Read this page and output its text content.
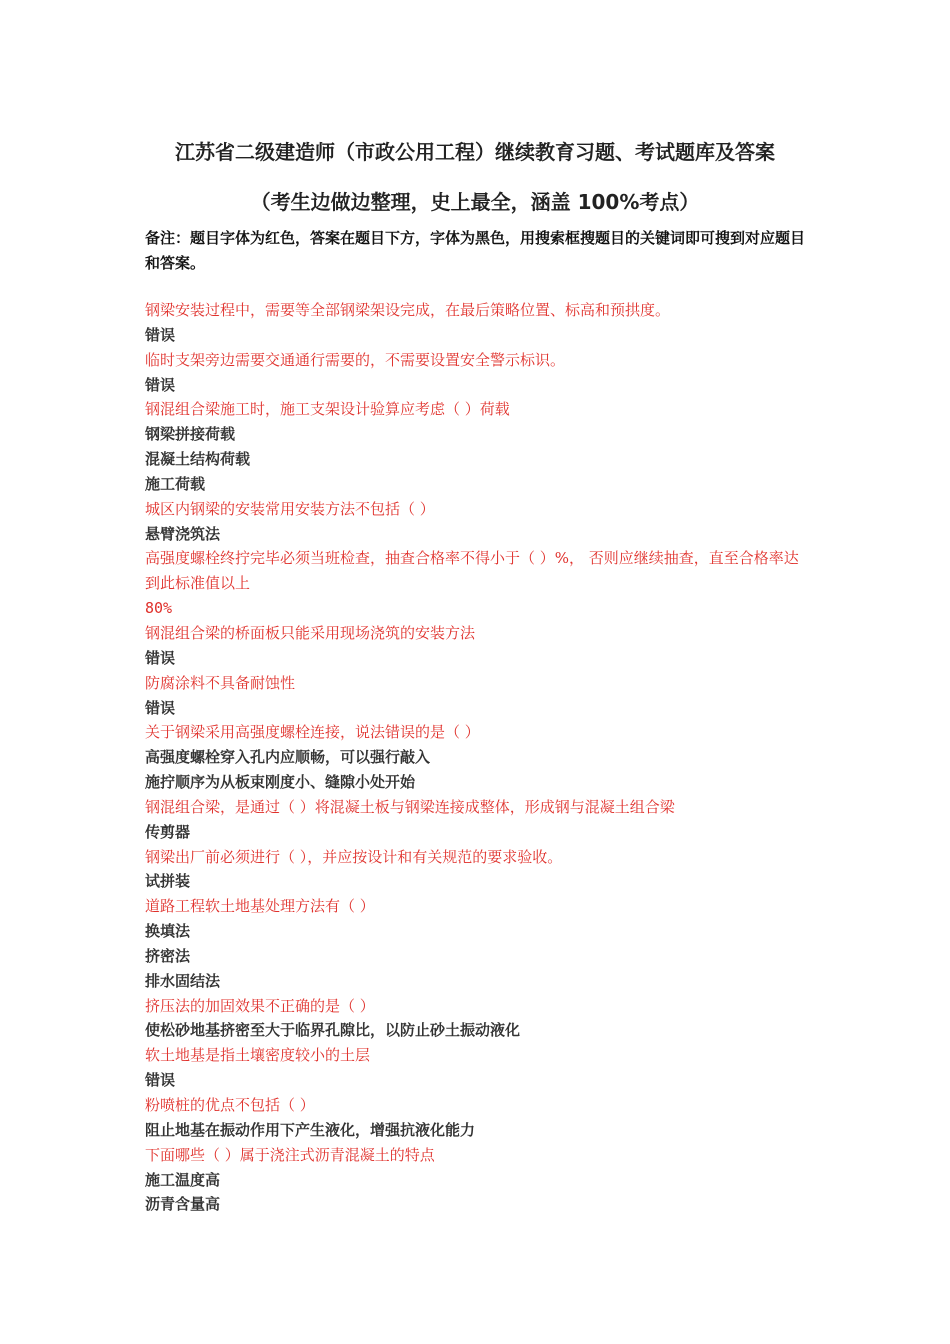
江苏省二级建造师（市政公用工程）继续教育习题、考试题库及答案
（考生边做边整理，史上最全，涵盖 100%考点）
备注：题目字体为红色，答案在题目下方，字体为黑色，用搜索框搜题目的关键词即可搜到对应题目和答案。
钢梁安装过程中，需要等全部钢梁架设完成，在最后策略位置、标高和预拱度。
错误
临时支架旁边需要交通通行需要的，不需要设置安全警示标识。
错误
钢混组合梁施工时，施工支架设计验算应考虑（ ）荷载
钢梁拼接荷载
混凝土结构荷载
施工荷载
城区内钢梁的安装常用安装方法不包括（ ）
悬臂浇筑法
高强度螺栓终拧完毕必须当班检查，抽查合格率不得小于（ ）%， 否则应继续抽查，直至合格率达到此标准值以上
80%
钢混组合梁的桥面板只能采用现场浇筑的安装方法
错误
防腐涂料不具备耐蚀性
错误
关于钢梁采用高强度螺栓连接，说法错误的是（ ）
高强度螺栓穿入孔内应顺畅，可以强行敲入
施拧顺序为从板束刚度小、缝隙小处开始
钢混组合梁，是通过（ ）将混凝土板与钢梁连接成整体，形成钢与混凝土组合梁
传剪器
钢梁出厂前必须进行（ ），并应按设计和有关规范的要求验收。
试拼装
道路工程软土地基处理方法有（ ）
换填法
挤密法
排水固结法
挤压法的加固效果不正确的是（ ）
使松砂地基挤密至大于临界孔隙比，以防止砂土振动液化
软土地基是指土壤密度较小的土层
错误
粉喷桩的优点不包括（ ）
阻止地基在振动作用下产生液化，增强抗液化能力
下面哪些（ ）属于浇注式沥青混凝土的特点
施工温度高
沥青含量高
